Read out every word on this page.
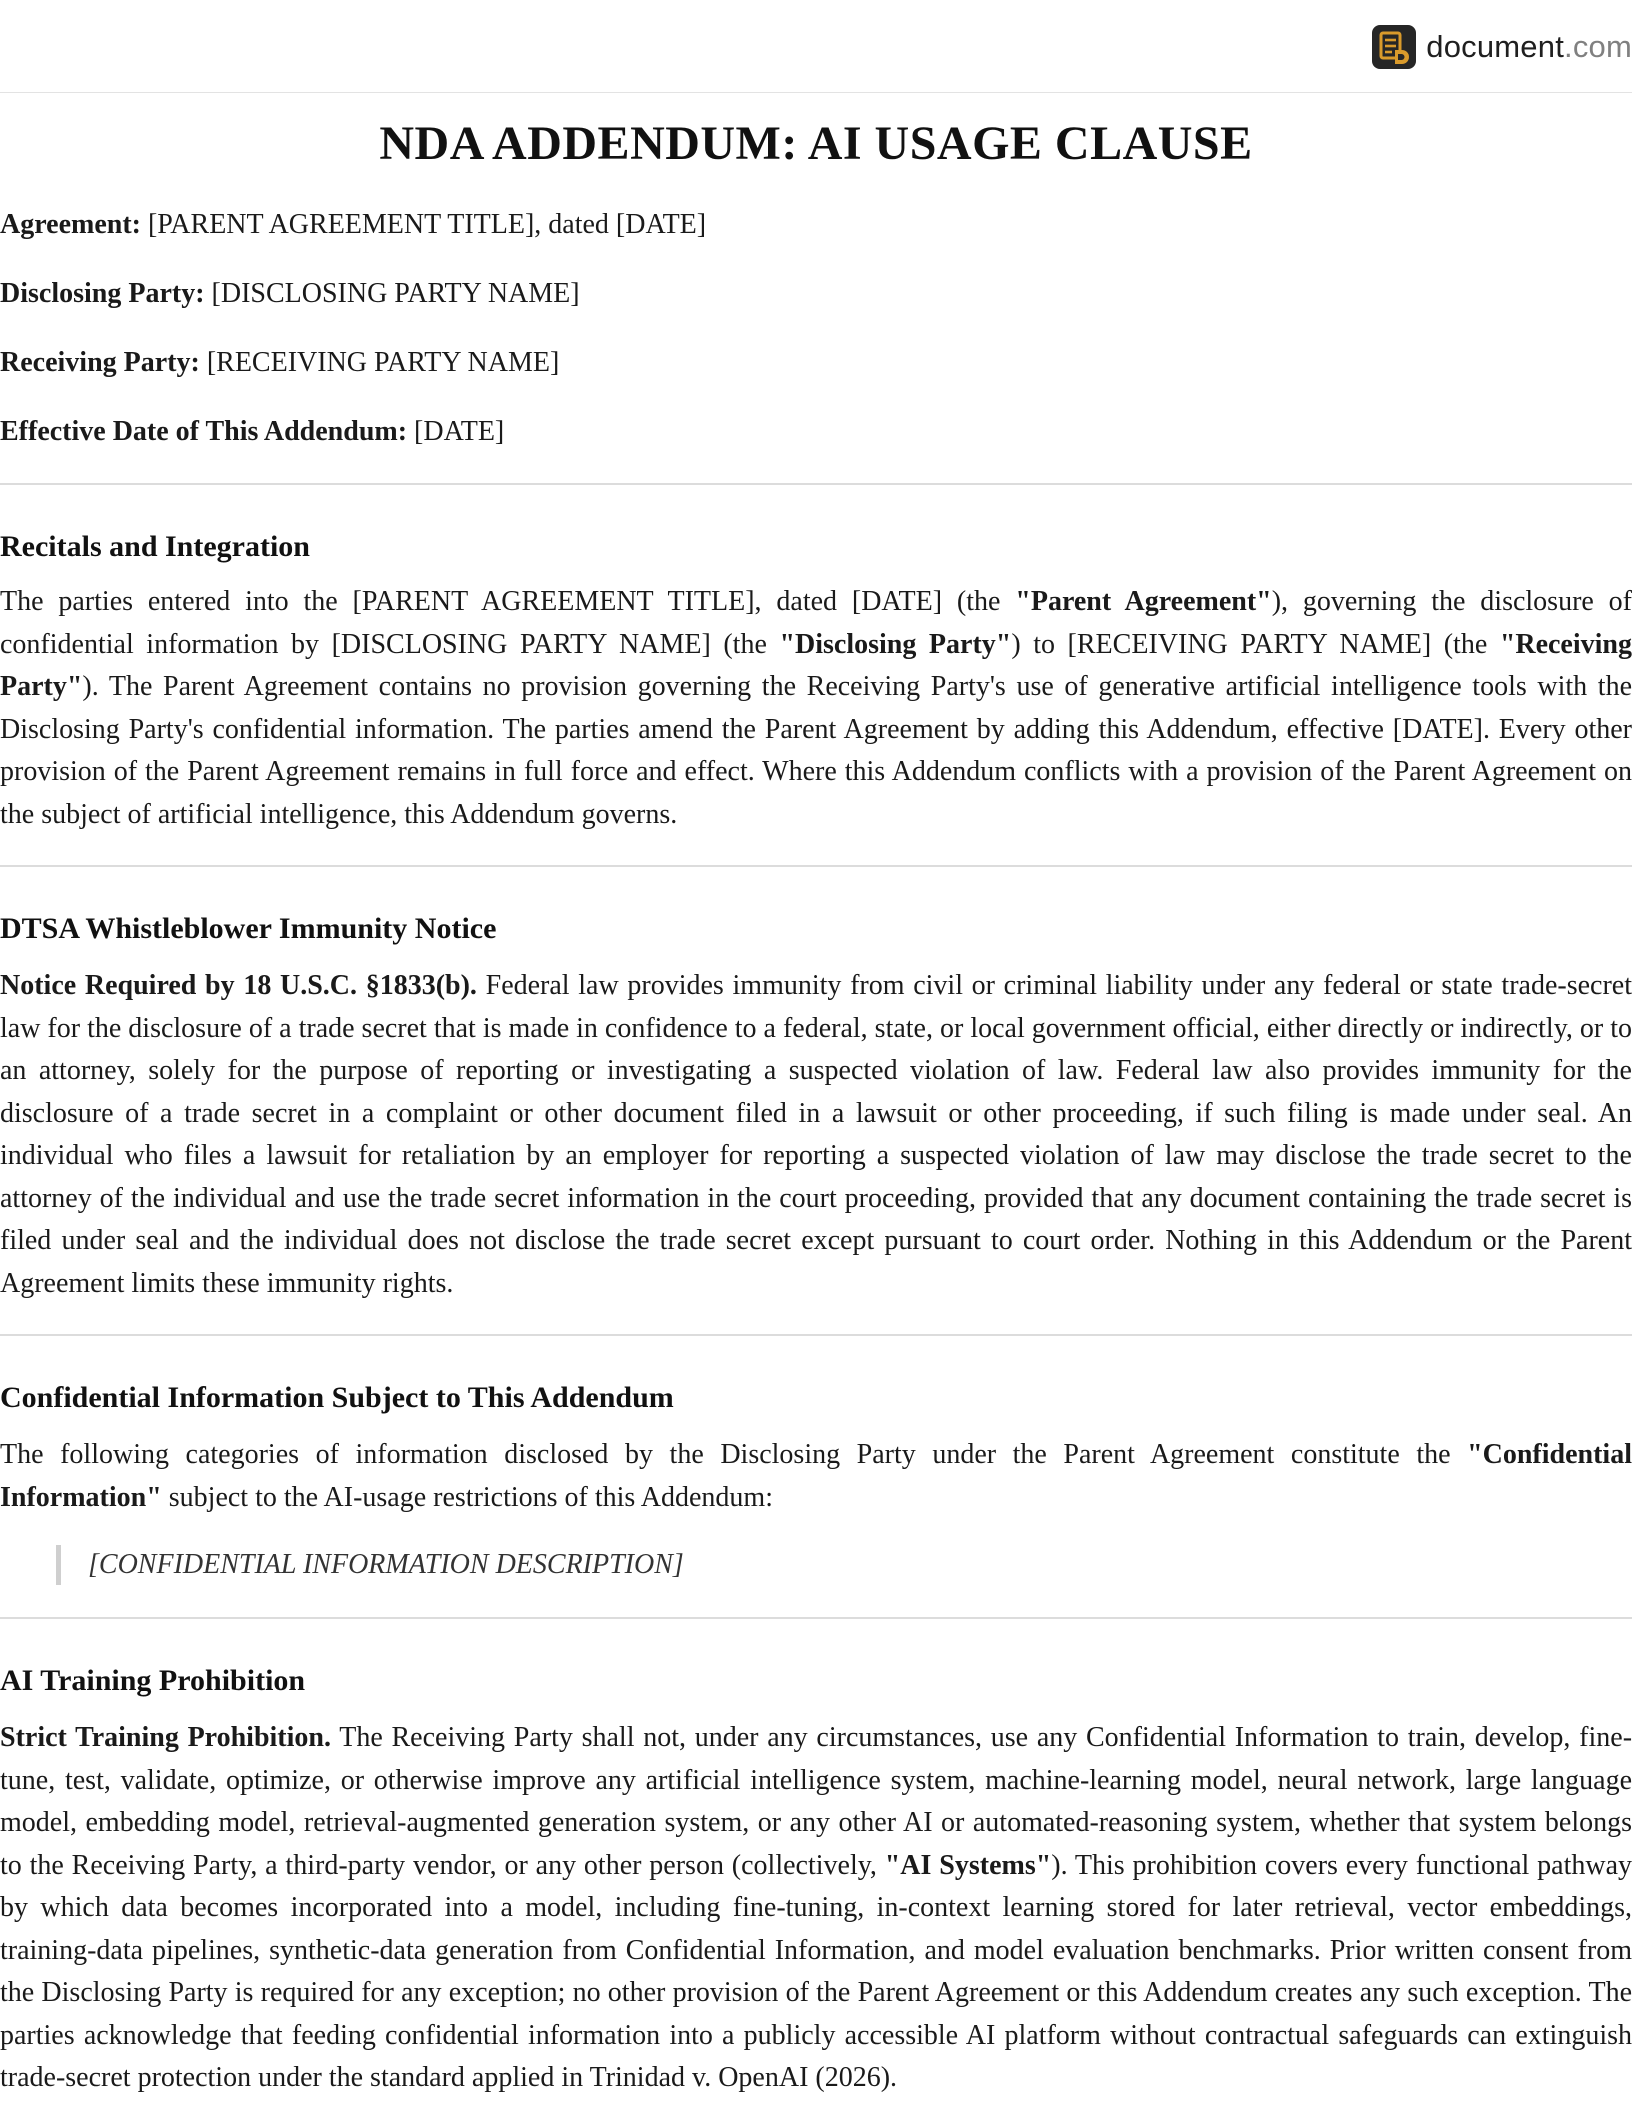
document.com
NDA ADDENDUM: AI USAGE CLAUSE

Agreement: [PARENT AGREEMENT TITLE], dated [DATE]

Disclosing Party: [DISCLOSING PARTY NAME]

Receiving Party: [RECEIVING PARTY NAME]

Effective Date of This Addendum: [DATE]

Recitals and Integration

The parties entered into the [PARENT AGREEMENT TITLE], dated [DATE] (the "Parent Agreement"), governing the disclosure of confidential information by [DISCLOSING PARTY NAME] (the "Disclosing Party") to [RECEIVING PARTY NAME] (the "Receiving Party"). The Parent Agreement contains no provision governing the Receiving Party's use of generative artificial intelligence tools with the Disclosing Party's confidential information. The parties amend the Parent Agreement by adding this Addendum, effective [DATE]. Every other provision of the Parent Agreement remains in full force and effect. Where this Addendum conflicts with a provision of the Parent Agreement on the subject of artificial intelligence, this Addendum governs.

DTSA Whistleblower Immunity Notice

Notice Required by 18 U.S.C. §1833(b). Federal law provides immunity from civil or criminal liability under any federal or state trade-secret law for the disclosure of a trade secret that is made in confidence to a federal, state, or local government official, either directly or indirectly, or to an attorney, solely for the purpose of reporting or investigating a suspected violation of law. Federal law also provides immunity for the disclosure of a trade secret in a complaint or other document filed in a lawsuit or other proceeding, if such filing is made under seal. An individual who files a lawsuit for retaliation by an employer for reporting a suspected violation of law may disclose the trade secret to the attorney of the individual and use the trade secret information in the court proceeding, provided that any document containing the trade secret is filed under seal and the individual does not disclose the trade secret except pursuant to court order. Nothing in this Addendum or the Parent Agreement limits these immunity rights.

Confidential Information Subject to This Addendum

The following categories of information disclosed by the Disclosing Party under the Parent Agreement constitute the "Confidential Information" subject to the AI-usage restrictions of this Addendum:

[CONFIDENTIAL INFORMATION DESCRIPTION]
AI Training Prohibition

Strict Training Prohibition. The Receiving Party shall not, under any circumstances, use any Confidential Information to train, develop, fine-tune, test, validate, optimize, or otherwise improve any artificial intelligence system, machine-learning model, neural network, large language model, embedding model, retrieval-augmented generation system, or any other AI or automated-reasoning system, whether that system belongs to the Receiving Party, a third-party vendor, or any other person (collectively, "AI Systems"). This prohibition covers every functional pathway by which data becomes incorporated into a model, including fine-tuning, in-context learning stored for later retrieval, vector embeddings, training-data pipelines, synthetic-data generation from Confidential Information, and model evaluation benchmarks. Prior written consent from the Disclosing Party is required for any exception; no other provision of the Parent Agreement or this Addendum creates any such exception. The parties acknowledge that feeding confidential information into a publicly accessible AI platform without contractual safeguards can extinguish trade-secret protection under the standard applied in Trinidad v. OpenAI (2026).
